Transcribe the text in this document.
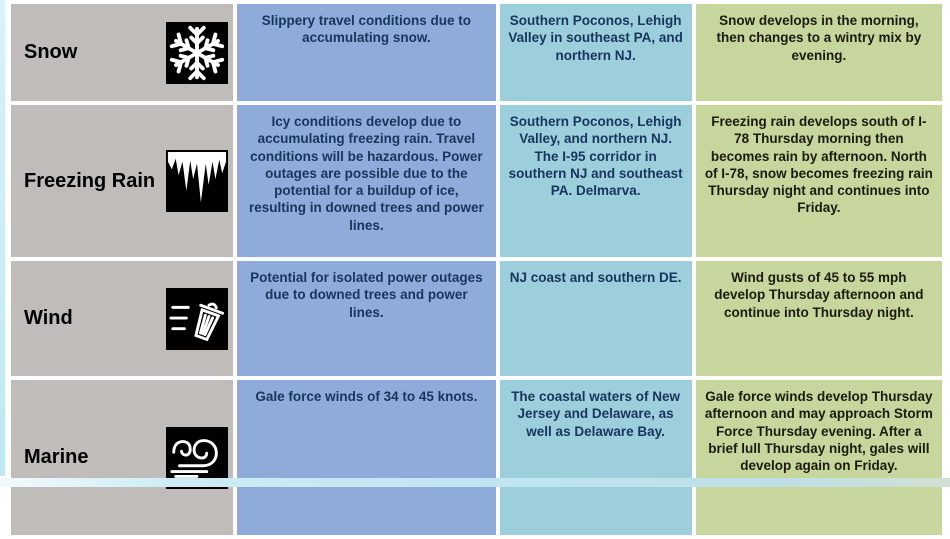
Snow	Slippery travel conditions due to accumulating snow.	Southern Poconos, Lehigh Valley in southeast PA, and northern NJ.	Snow develops in the morning, then changes to a wintry mix by evening.

Freezing Rain	Icy conditions develop due to accumulating freezing rain. Travel conditions will be hazardous. Power outages are possible due to the potential for a buildup of ice, resulting in downed trees and power lines.	Southern Poconos, Lehigh Valley, and northern NJ. The I-95 corridor in southern NJ and southeast PA. Delmarva.	Freezing rain develops south of I-78 Thursday morning then becomes rain by afternoon. North of I-78, snow becomes freezing rain Thursday night and continues into Friday.

Wind	Potential for isolated power outages due to downed trees and power lines.	NJ coast and southern DE.	Wind gusts of 45 to 55 mph develop Thursday afternoon and continue into Thursday night.

Marine	Gale force winds of 34 to 45 knots.	The coastal waters of New Jersey and Delaware, as well as Delaware Bay.	Gale force winds develop Thursday afternoon and may approach Storm Force Thursday evening. After a brief lull Thursday night, gales will develop again on Friday.
